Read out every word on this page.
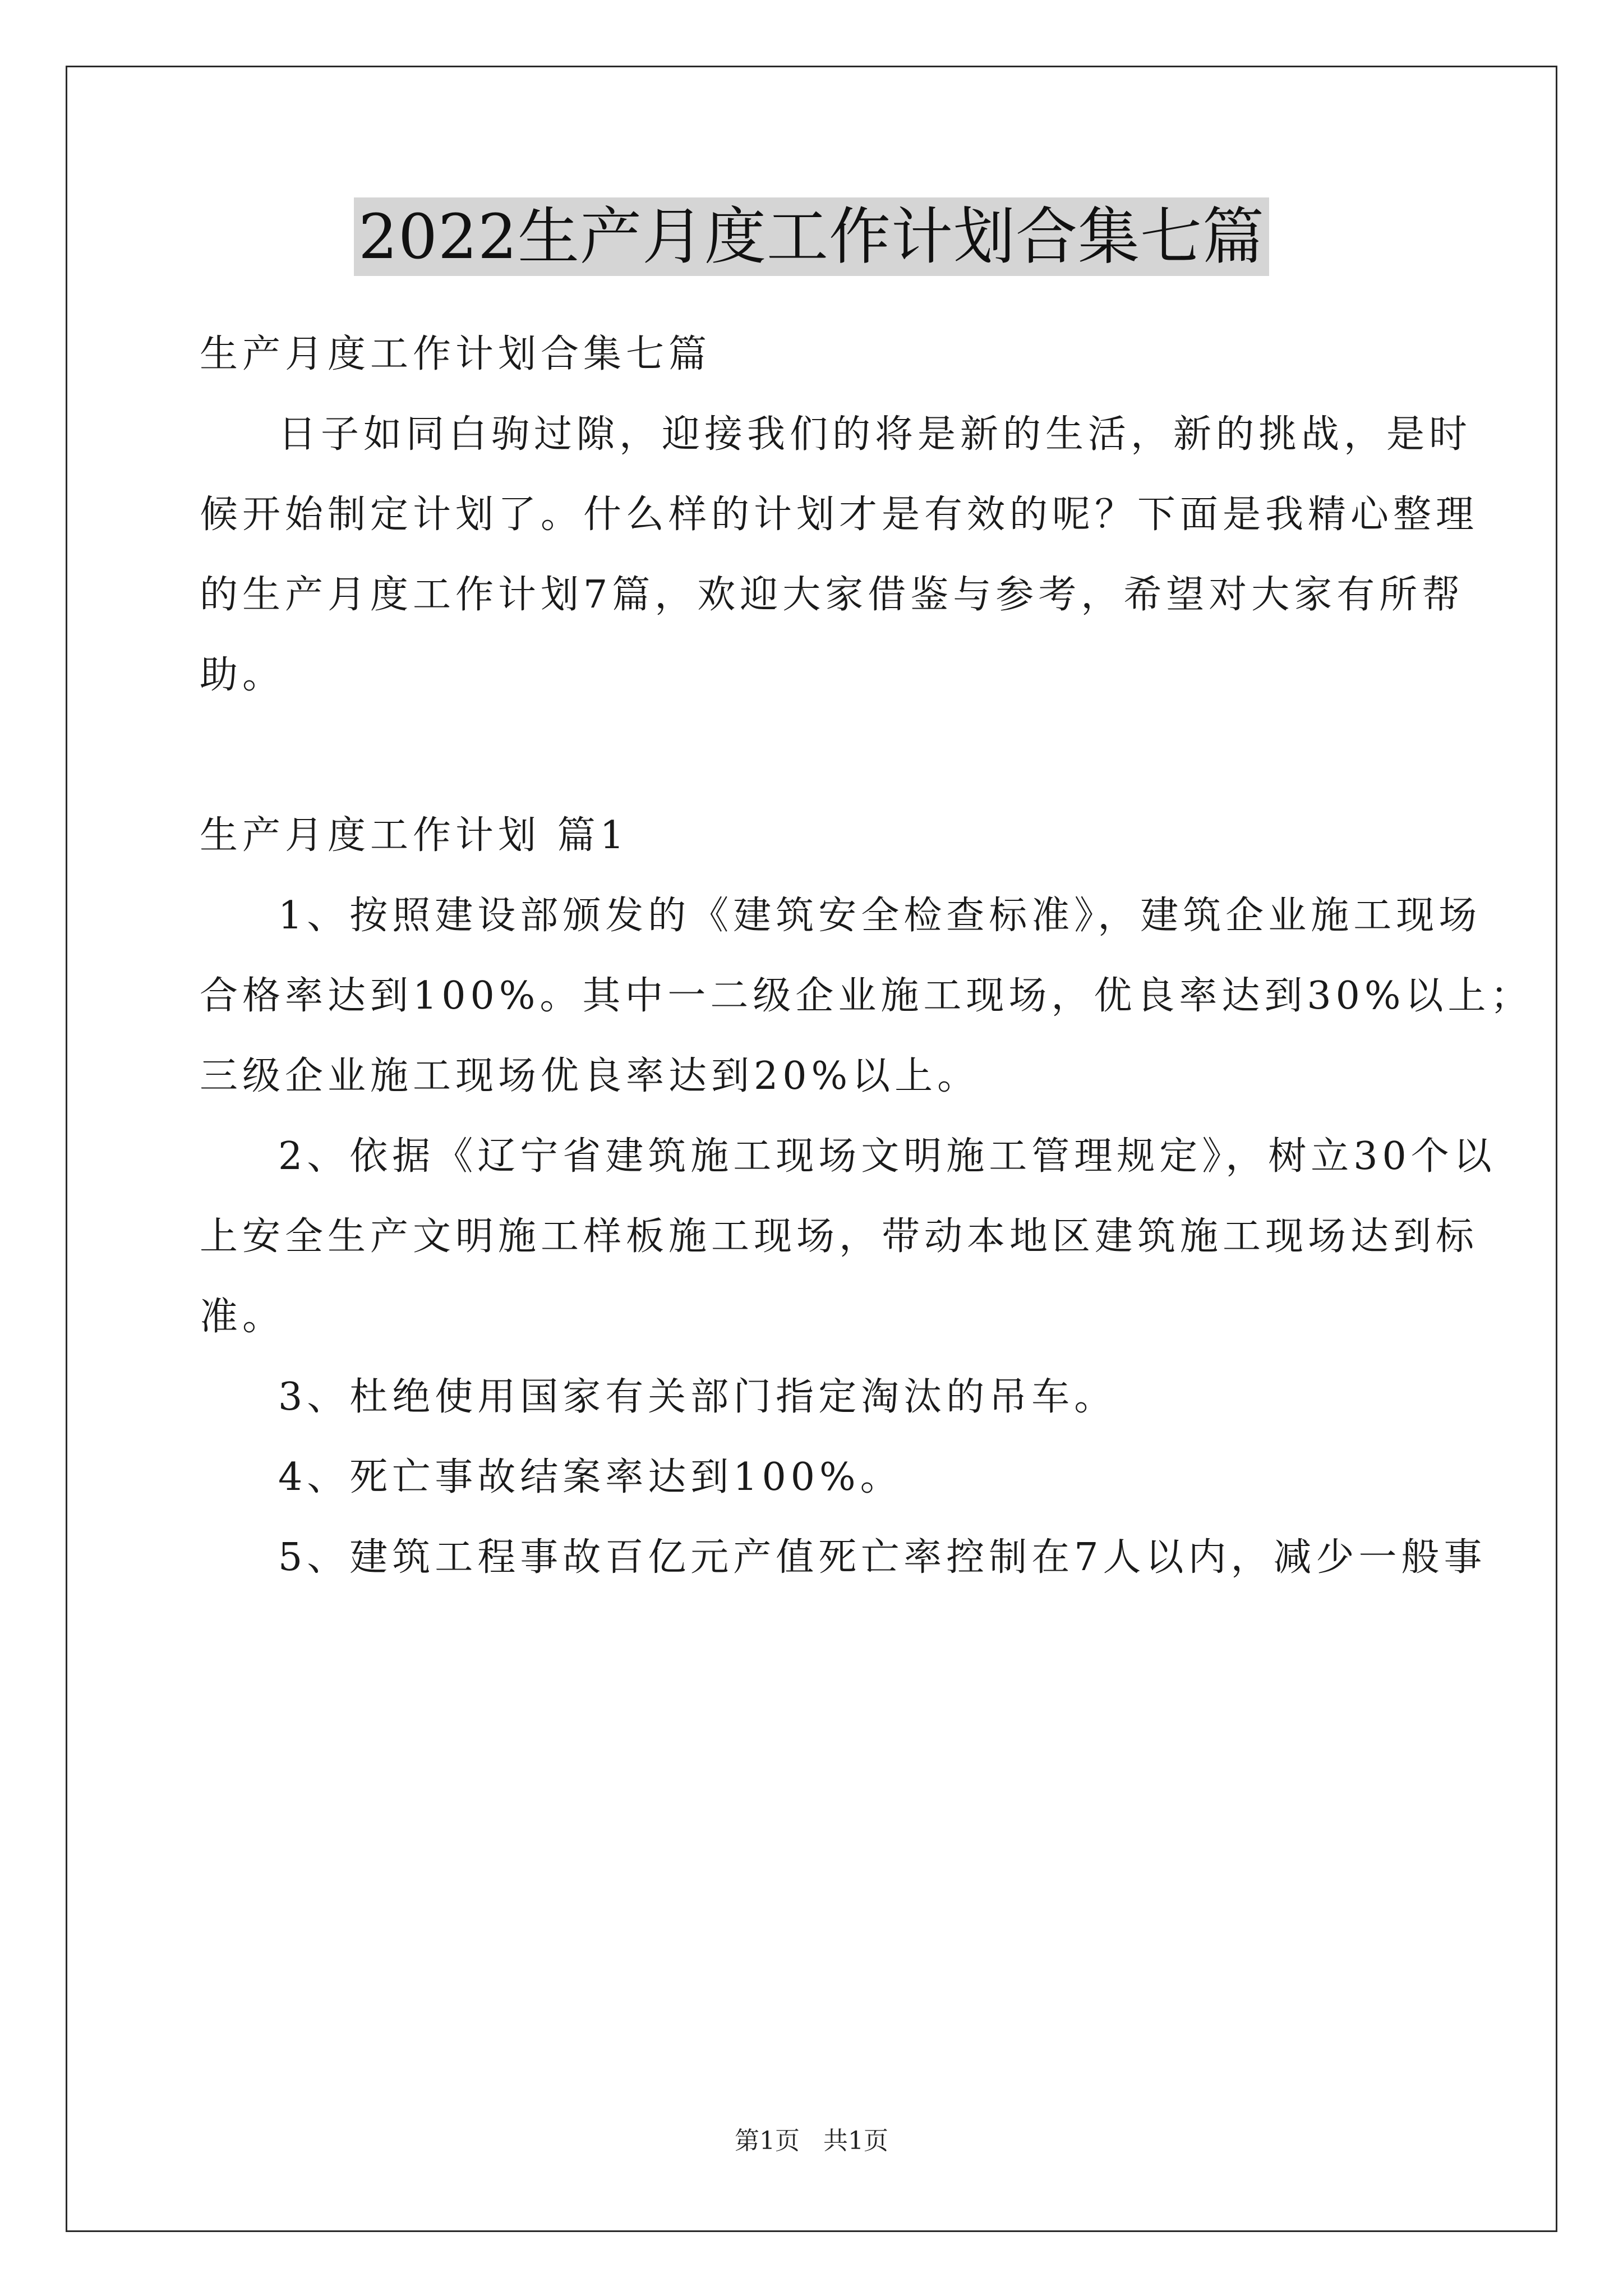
2022生产月度工作计划合集七篇
生产月度工作计划合集七篇
日子如同白驹过隙，迎接我们的将是新的生活，新的挑战，是时
候开始制定计划了。什么样的计划才是有效的呢？下面是我精心整理
的生产月度工作计划7篇，欢迎大家借鉴与参考，希望对大家有所帮
助。
生产月度工作计划 篇1
1、按照建设部颁发的《建筑安全检查标准》，建筑企业施工现场
合格率达到100%。其中一二级企业施工现场，优良率达到30%以上；
三级企业施工现场优良率达到20%以上。
2、依据《辽宁省建筑施工现场文明施工管理规定》，树立30个以
上安全生产文明施工样板施工现场，带动本地区建筑施工现场达到标
准。
3、杜绝使用国家有关部门指定淘汰的吊车。
4、死亡事故结案率达到100%。
5、建筑工程事故百亿元产值死亡率控制在7人以内，减少一般事
第1页   共1页
